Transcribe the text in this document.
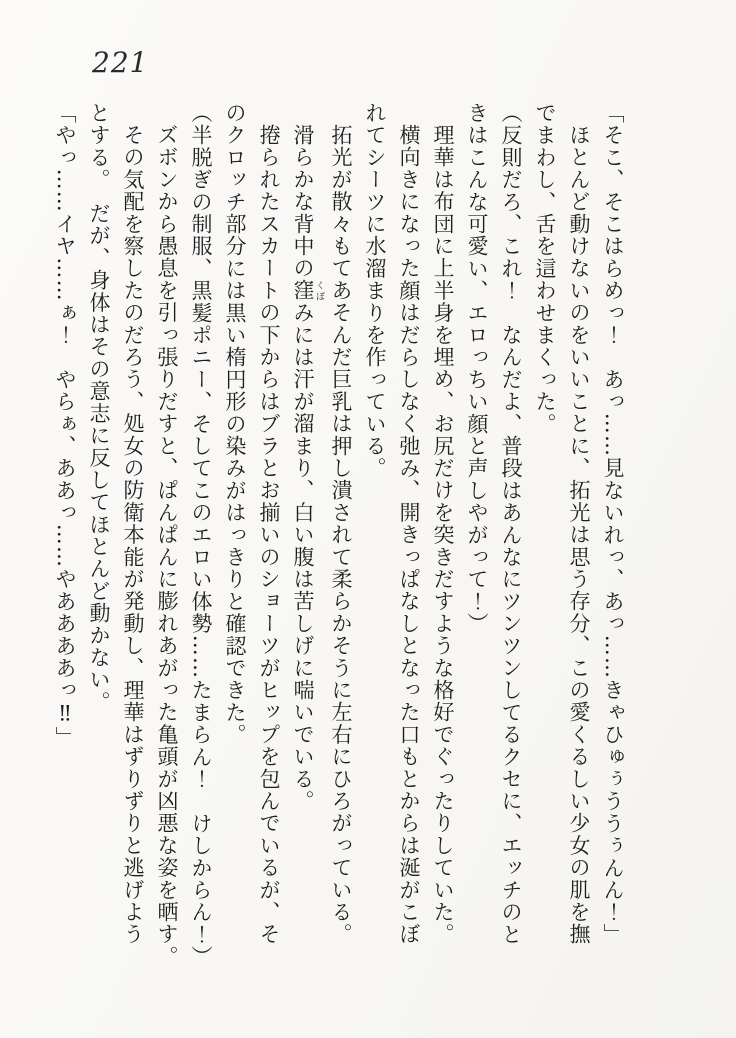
221

「そこ、そこはらめっ！　あっ……見ないれっ、あっ……きゃひゅぅううぅんん！」

ほとんど動けないのをいいことに、拓光は思う存分、この愛くるしい少女の肌を撫

でまわし、舌を這わせまくった。

（反則だろ、これ！　なんだよ、普段はあんなにツンツンしてるクセに、エッチのと

きはこんな可愛い、エロっちい顔と声しやがって！）

理華は布団に上半身を埋め、お尻だけを突きだすような格好でぐったりしていた。

横向きになった顔はだらしなく弛み、開きっぱなしとなった口もとからは涎がこぼ

れてシーツに水溜まりを作っている。

拓光が散々もてあそんだ巨乳は押し潰されて柔らかそうに左右にひろがっている。

滑らかな背中の窪 くぼみには汗が溜まり、白い腹は苦しげに喘いでいる。

捲られたスカートの下からはブラとお揃いのショーツがヒップを包んでいるが、そ

のクロッチ部分には黒い楕円形の染みがはっきりと確認できた。

（半脱ぎの制服、黒髪ポニー、そしてこのエロい体勢……たまらん！　けしからん！）

ズボンから愚息を引っ張りだすと、ぱんぱんに膨れあがった亀頭が凶悪な姿を晒す。

その気配を察したのだろう、処女の防衛本能が発動し、理華はずりずりと逃げよう

とする。　だが、身体はその意志に反してほとんど動かない。

「やっ……イヤ……ぁ！　やらぁ、ああっ……やああああっ‼」
